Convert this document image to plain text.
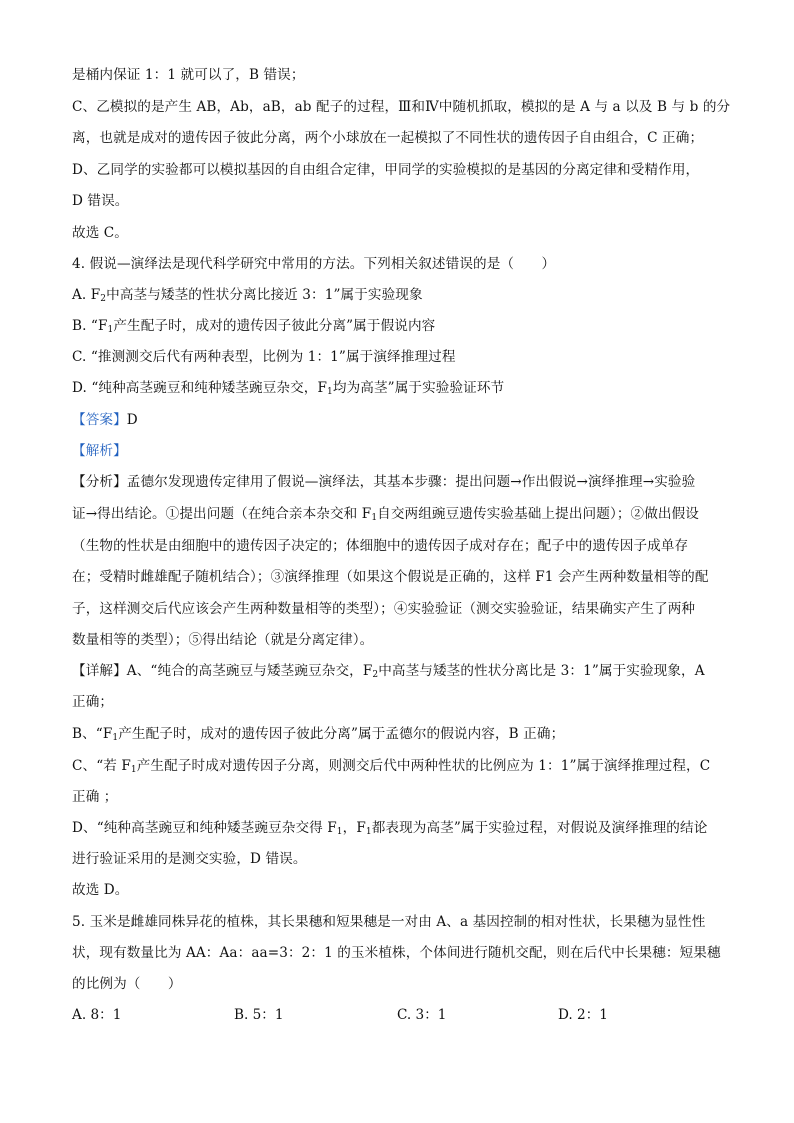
是桶内保证 1：1 就可以了，B 错误；
C、乙模拟的是产生 AB，Ab，aB，ab 配子的过程，Ⅲ和Ⅳ中随机抓取，模拟的是 A 与 a 以及 B 与 b 的分
离，也就是成对的遗传因子彼此分离，两个小球放在一起模拟了不同性状的遗传因子自由组合，C 正确；
D、乙同学的实验都可以模拟基因的自由组合定律，甲同学的实验模拟的是基因的分离定律和受精作用，
D 错误。
故选 C。
4. 假说—演绎法是现代科学研究中常用的方法。下列相关叙述错误的是（　　）
A. $F_2$中高茎与矮茎的性状分离比接近 3：1”属于实验现象
B. “$F_1$产生配子时，成对的遗传因子彼此分离”属于假说内容
C. “推测测交后代有两种表型，比例为 1：1”属于演绎推理过程
D. “纯种高茎豌豆和纯种矮茎豌豆杂交，$F_1$均为高茎”属于实验验证环节
【答案】D
【解析】
【分析】孟德尔发现遗传定律用了假说—演绎法，其基本步骤：提出问题→作出假说→演绎推理→实验验
证→得出结论。①提出问题（在纯合亲本杂交和 $F_1$自交两组豌豆遗传实验基础上提出问题）；②做出假设
（生物的性状是由细胞中的遗传因子决定的；体细胞中的遗传因子成对存在；配子中的遗传因子成单存
在；受精时雌雄配子随机结合）；③演绎推理（如果这个假说是正确的，这样 F1 会产生两种数量相等的配
子，这样测交后代应该会产生两种数量相等的类型）；④实验验证（测交实验验证，结果确实产生了两种
数量相等的类型）；⑤得出结论（就是分离定律）。
【详解】A、“纯合的高茎豌豆与矮茎豌豆杂交，$F_2$中高茎与矮茎的性状分离比是 3：1”属于实验现象，A
正确；
B、“$F_1$产生配子时，成对的遗传因子彼此分离”属于孟德尔的假说内容，B 正确；
C、“若 $F_1$产生配子时成对遗传因子分离，则测交后代中两种性状的比例应为 1：1”属于演绎推理过程，C
正确 ；
D、“纯种高茎豌豆和纯种矮茎豌豆杂交得 $F_1$，$F_1$都表现为高茎”属于实验过程，对假说及演绎推理的结论
进行验证采用的是测交实验，D 错误。
故选 D。
5. 玉米是雌雄同株异花的植株，其长果穗和短果穗是一对由 A、a 基因控制的相对性状，长果穗为显性性
状，现有数量比为 AA：Aa：aa=3：2：1 的玉米植株，个体间进行随机交配，则在后代中长果穗：短果穗
的比例为（　　）
A. 8：1	B. 5：1	C. 3：1	D. 2：1
